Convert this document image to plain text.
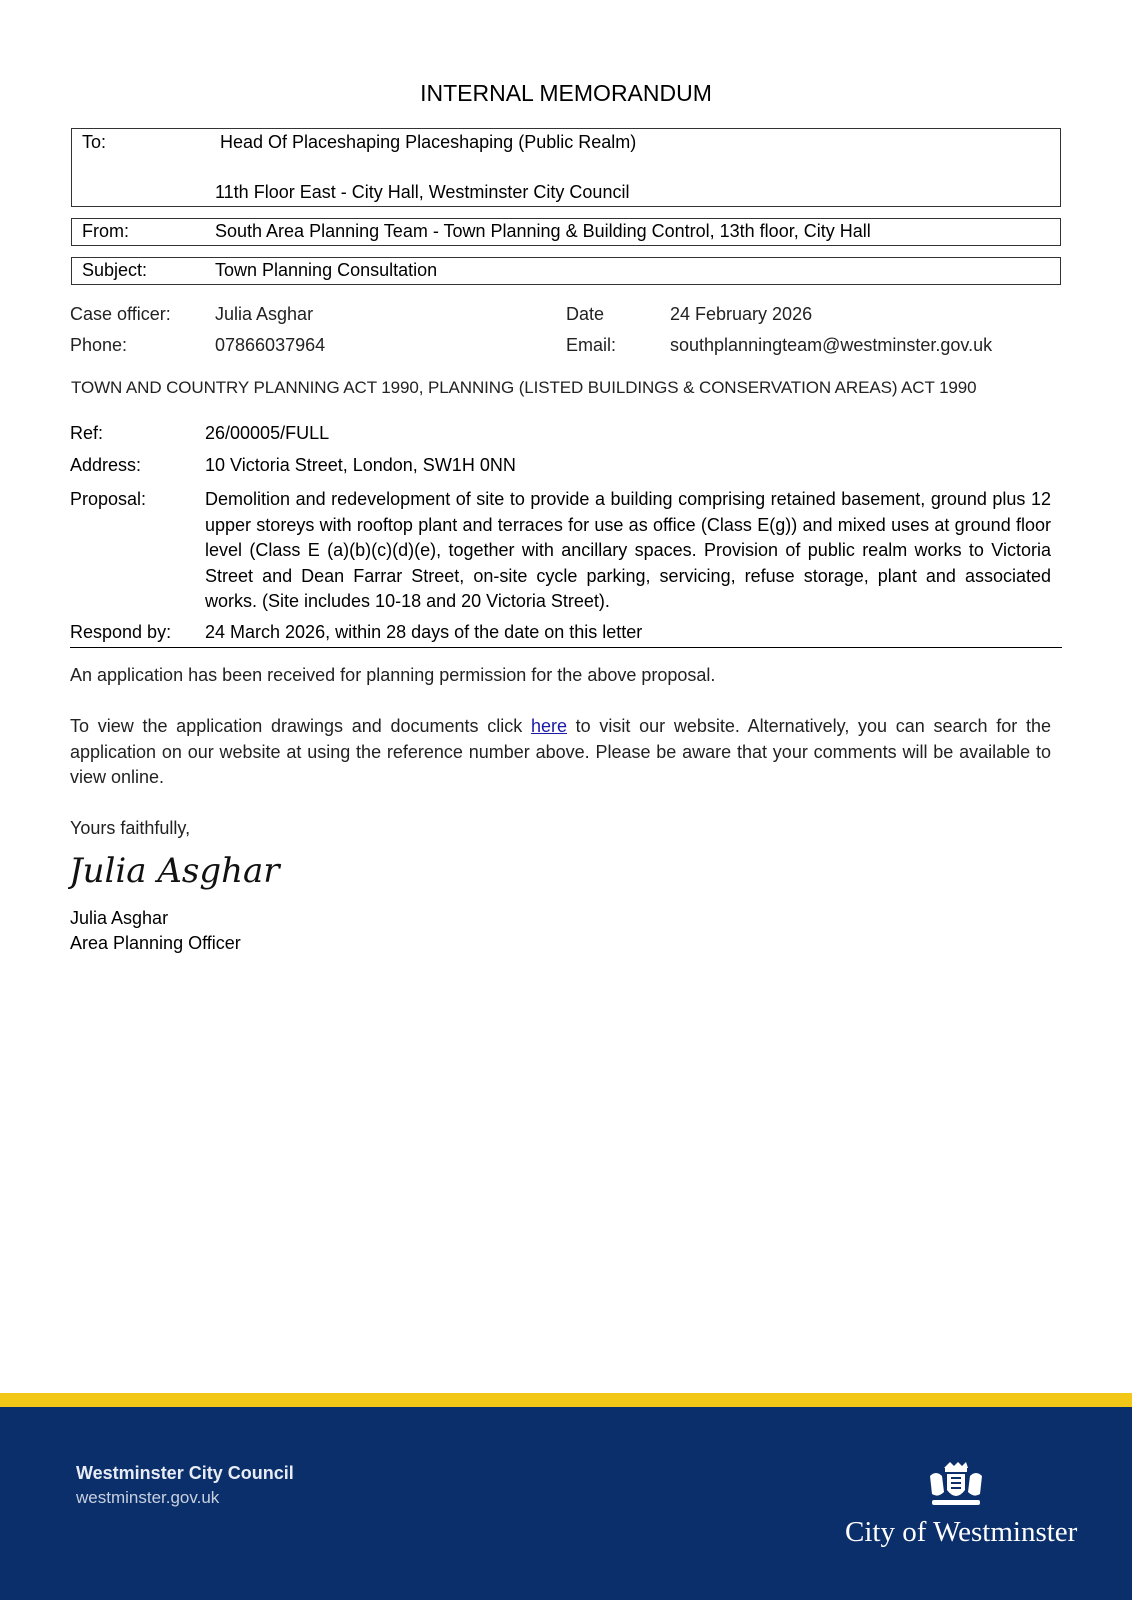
INTERNAL MEMORANDUM
To:	Head Of Placeshaping Placeshaping (Public Realm)
11th Floor East - City Hall, Westminster City Council
From:	South Area Planning Team - Town Planning & Building Control, 13th floor, City Hall
Subject:	Town Planning Consultation
Case officer: Julia Asghar	Date	24 February 2026
Phone:	07866037964	Email:	southplanningteam@westminster.gov.uk
TOWN AND COUNTRY PLANNING ACT 1990, PLANNING (LISTED BUILDINGS & CONSERVATION AREAS) ACT 1990
Ref:	26/00005/FULL
Address:	10 Victoria Street, London, SW1H 0NN
Proposal:	Demolition and redevelopment of site to provide a building comprising retained basement, ground plus 12 upper storeys with rooftop plant and terraces for use as office (Class E(g)) and mixed uses at ground floor level (Class E (a)(b)(c)(d)(e), together with ancillary spaces. Provision of public realm works to Victoria Street and Dean Farrar Street, on-site cycle parking, servicing, refuse storage, plant and associated works. (Site includes 10-18 and 20 Victoria Street).
Respond by: 24 March 2026, within 28 days of the date on this letter
An application has been received for planning permission for the above proposal.
To view the application drawings and documents click here to visit our website. Alternatively, you can search for the application on our website at using the reference number above. Please be aware that your comments will be available to view online.
Yours faithfully,
Julia Asghar
Julia Asghar
Area Planning Officer
Westminster City Council
westminster.gov.uk
City of Westminster
